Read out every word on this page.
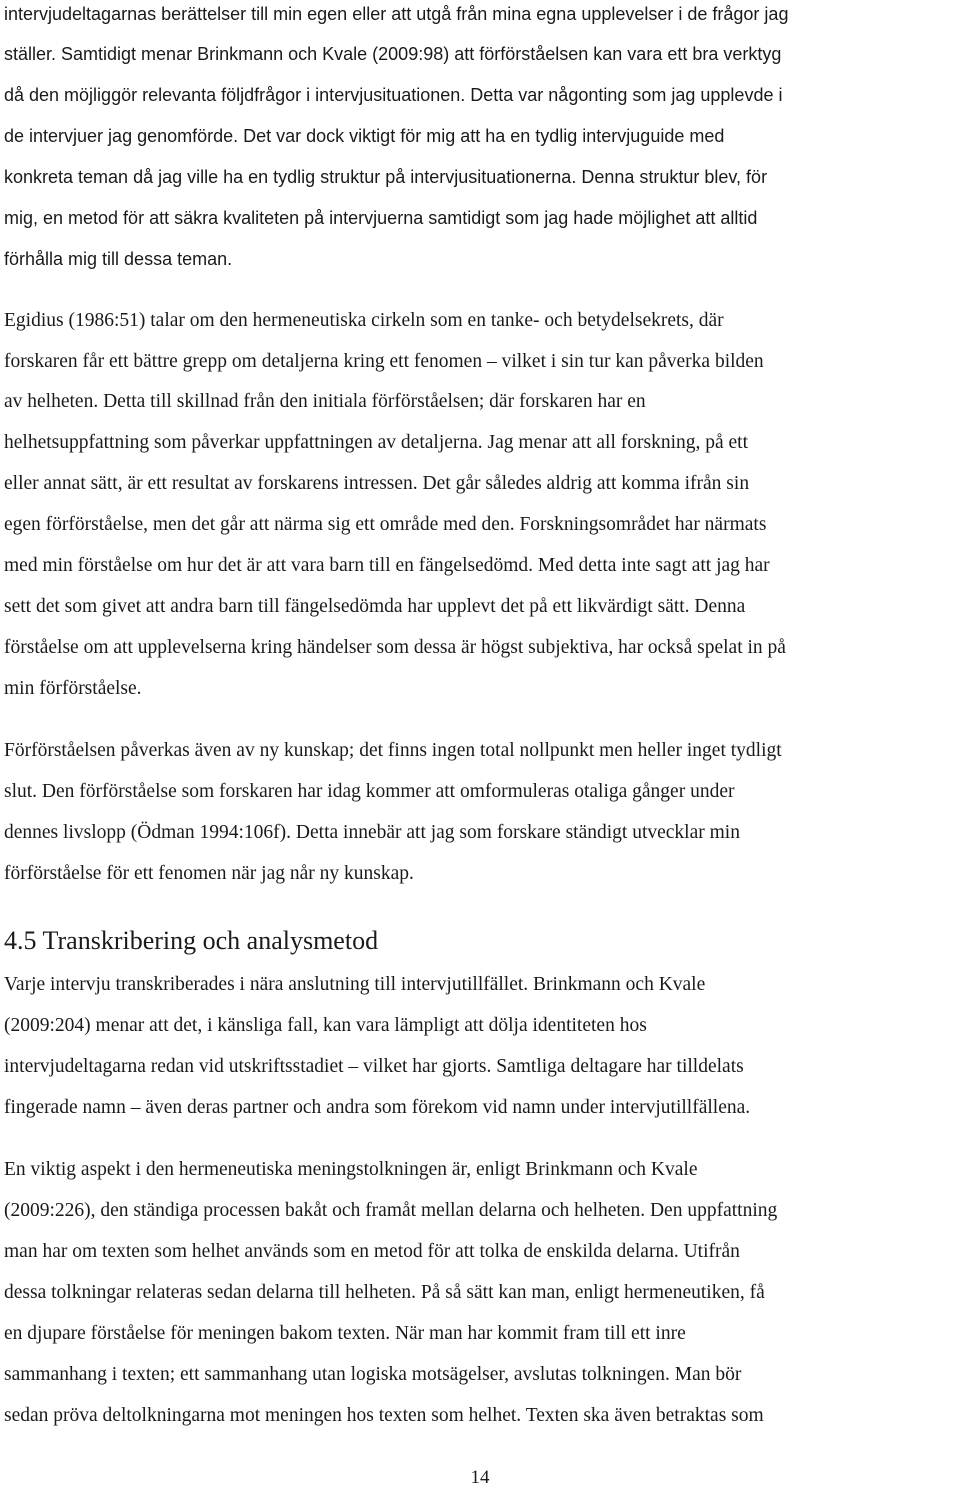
intervjudeltagarnas berättelser till min egen eller att utgå från mina egna upplevelser i de frågor jag
ställer. Samtidigt menar Brinkmann och Kvale (2009:98) att förförståelsen kan vara ett bra verktyg
då den möjliggör relevanta följdfrågor i intervjusituationen. Detta var någonting som jag upplevde i
de intervjuer jag genomförde. Det var dock viktigt för mig att ha en tydlig intervjuguide med
konkreta teman då jag ville ha en tydlig struktur på intervjusituationerna. Denna struktur blev, för
mig, en metod för att säkra kvaliteten på intervjuerna samtidigt som jag hade möjlighet att alltid
förhålla mig till dessa teman.
Egidius (1986:51) talar om den hermeneutiska cirkeln som en tanke- och betydelsekrets, där
forskaren får ett bättre grepp om detaljerna kring ett fenomen – vilket i sin tur kan påverka bilden
av helheten. Detta till skillnad från den initiala förförståelsen; där forskaren har en
helhetsuppfattning som påverkar uppfattningen av detaljerna. Jag menar att all forskning, på ett
eller annat sätt, är ett resultat av forskarens intressen. Det går således aldrig att komma ifrån sin
egen förförståelse, men det går att närma sig ett område med den. Forskningsområdet har närmats
med min förståelse om hur det är att vara barn till en fängelsedömd. Med detta inte sagt att jag har
sett det som givet att andra barn till fängelsedömda har upplevt det på ett likvärdigt sätt. Denna
förståelse om att upplevelserna kring händelser som dessa är högst subjektiva, har också spelat in på
min förförståelse.
Förförståelsen påverkas även av ny kunskap; det finns ingen total nollpunkt men heller inget tydligt
slut. Den förförståelse som forskaren har idag kommer att omformuleras otaliga gånger under
dennes livslopp (Ödman 1994:106f). Detta innebär att jag som forskare ständigt utvecklar min
förförståelse för ett fenomen när jag når ny kunskap.
4.5 Transkribering och analysmetod
Varje intervju transkriberades i nära anslutning till intervjutillfället. Brinkmann och Kvale
(2009:204) menar att det, i känsliga fall, kan vara lämpligt att dölja identiteten hos
intervjudeltagarna redan vid utskriftsstadiet – vilket har gjorts. Samtliga deltagare har tilldelats
fingerade namn – även deras partner och andra som förekom vid namn under intervjutillfällena.
En viktig aspekt i den hermeneutiska meningstolkningen är, enligt Brinkmann och Kvale
(2009:226), den ständiga processen bakåt och framåt mellan delarna och helheten. Den uppfattning
man har om texten som helhet används som en metod för att tolka de enskilda delarna. Utifrån
dessa tolkningar relateras sedan delarna till helheten. På så sätt kan man, enligt hermeneutiken, få
en djupare förståelse för meningen bakom texten. När man har kommit fram till ett inre
sammanhang i texten; ett sammanhang utan logiska motsägelser, avslutas tolkningen. Man bör
sedan pröva deltolkningarna mot meningen hos texten som helhet. Texten ska även betraktas som
14
